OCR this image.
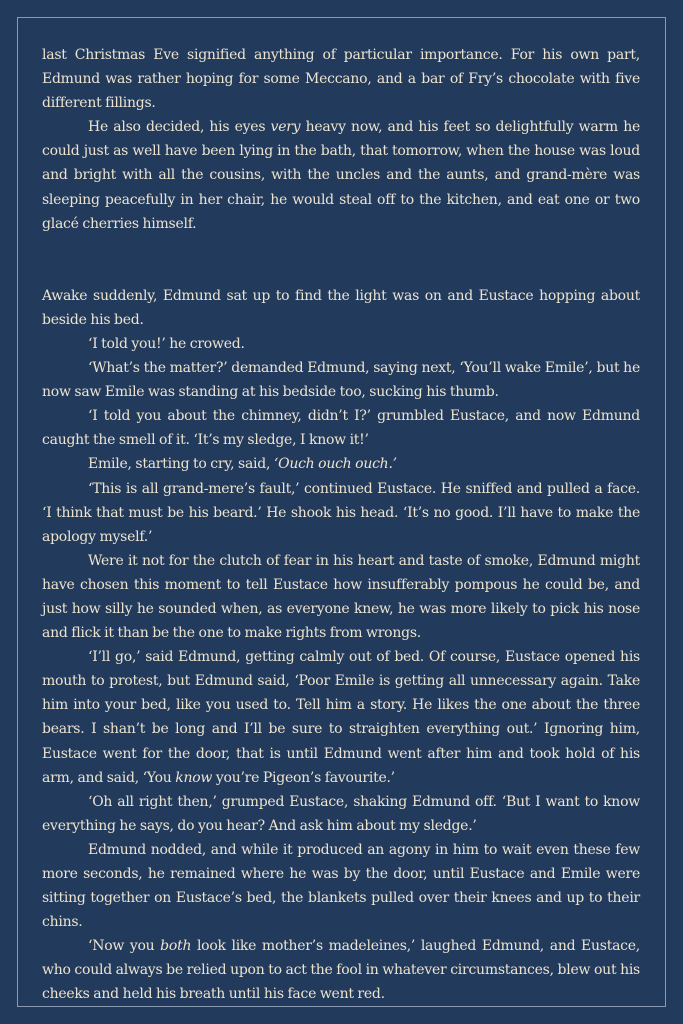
last Christmas Eve signified anything of particular importance. For his own part, Edmund was rather hoping for some Meccano, and a bar of Fry’s chocolate with five different fillings.

He also decided, his eyes very heavy now, and his feet so delightfully warm he could just as well have been lying in the bath, that tomorrow, when the house was loud and bright with all the cousins, with the uncles and the aunts, and grand-mère was sleeping peacefully in her chair, he would steal off to the kitchen, and eat one or two glacé cherries himself.

Awake suddenly, Edmund sat up to find the light was on and Eustace hopping about beside his bed.

‘I told you!’ he crowed.

‘What’s the matter?’ demanded Edmund, saying next, ‘You’ll wake Emile’, but he now saw Emile was standing at his bedside too, sucking his thumb.

‘I told you about the chimney, didn’t I?’ grumbled Eustace, and now Edmund caught the smell of it. ‘It’s my sledge, I know it!’

Emile, starting to cry, said, ‘Ouch ouch ouch.’

‘This is all grand-mere’s fault,’ continued Eustace. He sniffed and pulled a face. ‘I think that must be his beard.’ He shook his head. ‘It’s no good. I’ll have to make the apology myself.’

Were it not for the clutch of fear in his heart and taste of smoke, Edmund might have chosen this moment to tell Eustace how insufferably pompous he could be, and just how silly he sounded when, as everyone knew, he was more likely to pick his nose and flick it than be the one to make rights from wrongs.

‘I’ll go,’ said Edmund, getting calmly out of bed. Of course, Eustace opened his mouth to protest, but Edmund said, ‘Poor Emile is getting all unnecessary again. Take him into your bed, like you used to. Tell him a story. He likes the one about the three bears. I shan’t be long and I’ll be sure to straighten everything out.’ Ignoring him, Eustace went for the door, that is until Edmund went after him and took hold of his arm, and said, ‘You know you’re Pigeon’s favourite.’

‘Oh all right then,’ grumped Eustace, shaking Edmund off. ‘But I want to know everything he says, do you hear? And ask him about my sledge.’

Edmund nodded, and while it produced an agony in him to wait even these few more seconds, he remained where he was by the door, until Eustace and Emile were sitting together on Eustace’s bed, the blankets pulled over their knees and up to their chins.

‘Now you both look like mother’s madeleines,’ laughed Edmund, and Eustace, who could always be relied upon to act the fool in whatever circumstances, blew out his cheeks and held his breath until his face went red.
